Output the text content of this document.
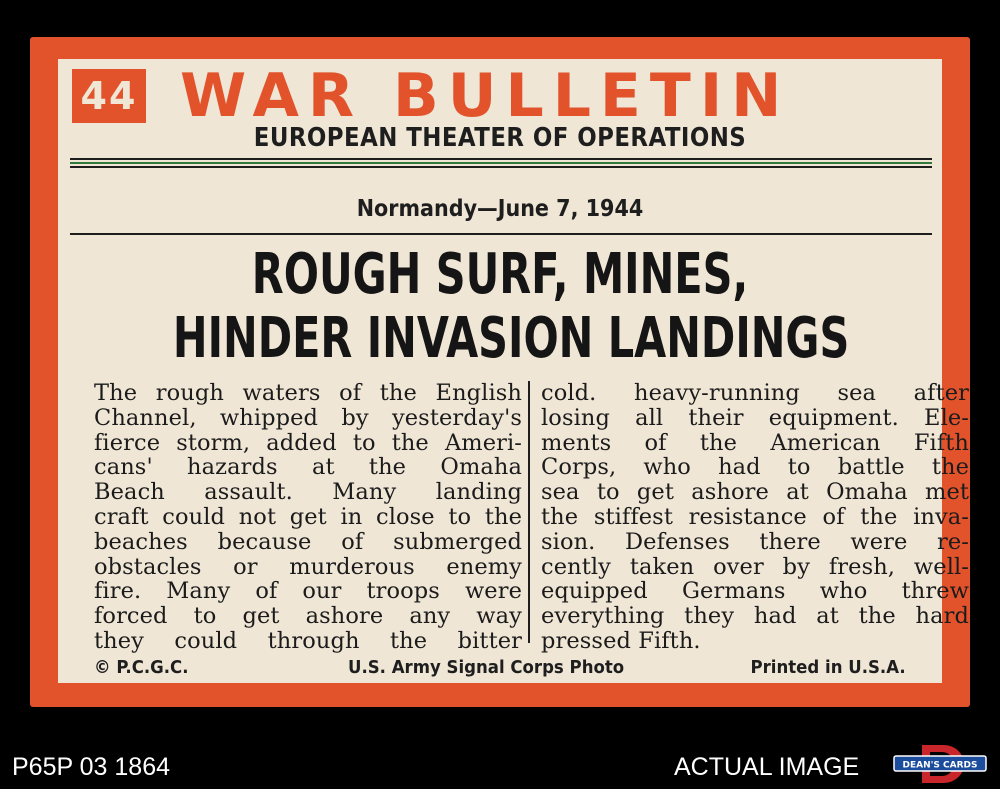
44 WAR BULLETIN
EUROPEAN THEATER OF OPERATIONS
Normandy—June 7, 1944
ROUGH SURF, MINES,
HINDER INVASION LANDINGS
The rough waters of the English
Channel, whipped by yesterday's
fierce storm, added to the Ameri-
cans' hazards at the Omaha
Beach assault. Many landing
craft could not get in close to the
beaches because of submerged
obstacles or murderous enemy
fire. Many of our troops were
forced to get ashore any way
they could through the bitter
cold. heavy-running sea after
losing all their equipment. Ele-
ments of the American Fifth
Corps, who had to battle the
sea to get ashore at Omaha met
the stiffest resistance of the inva-
sion. Defenses there were re-
cently taken over by fresh, well-
equipped Germans who threw
everything they had at the hard
pressed Fifth.
© P.C.G.C.	U.S. Army Signal Corps Photo	Printed in U.S.A.
P65P 03 1864	ACTUAL IMAGE	DEAN'S CARDS
